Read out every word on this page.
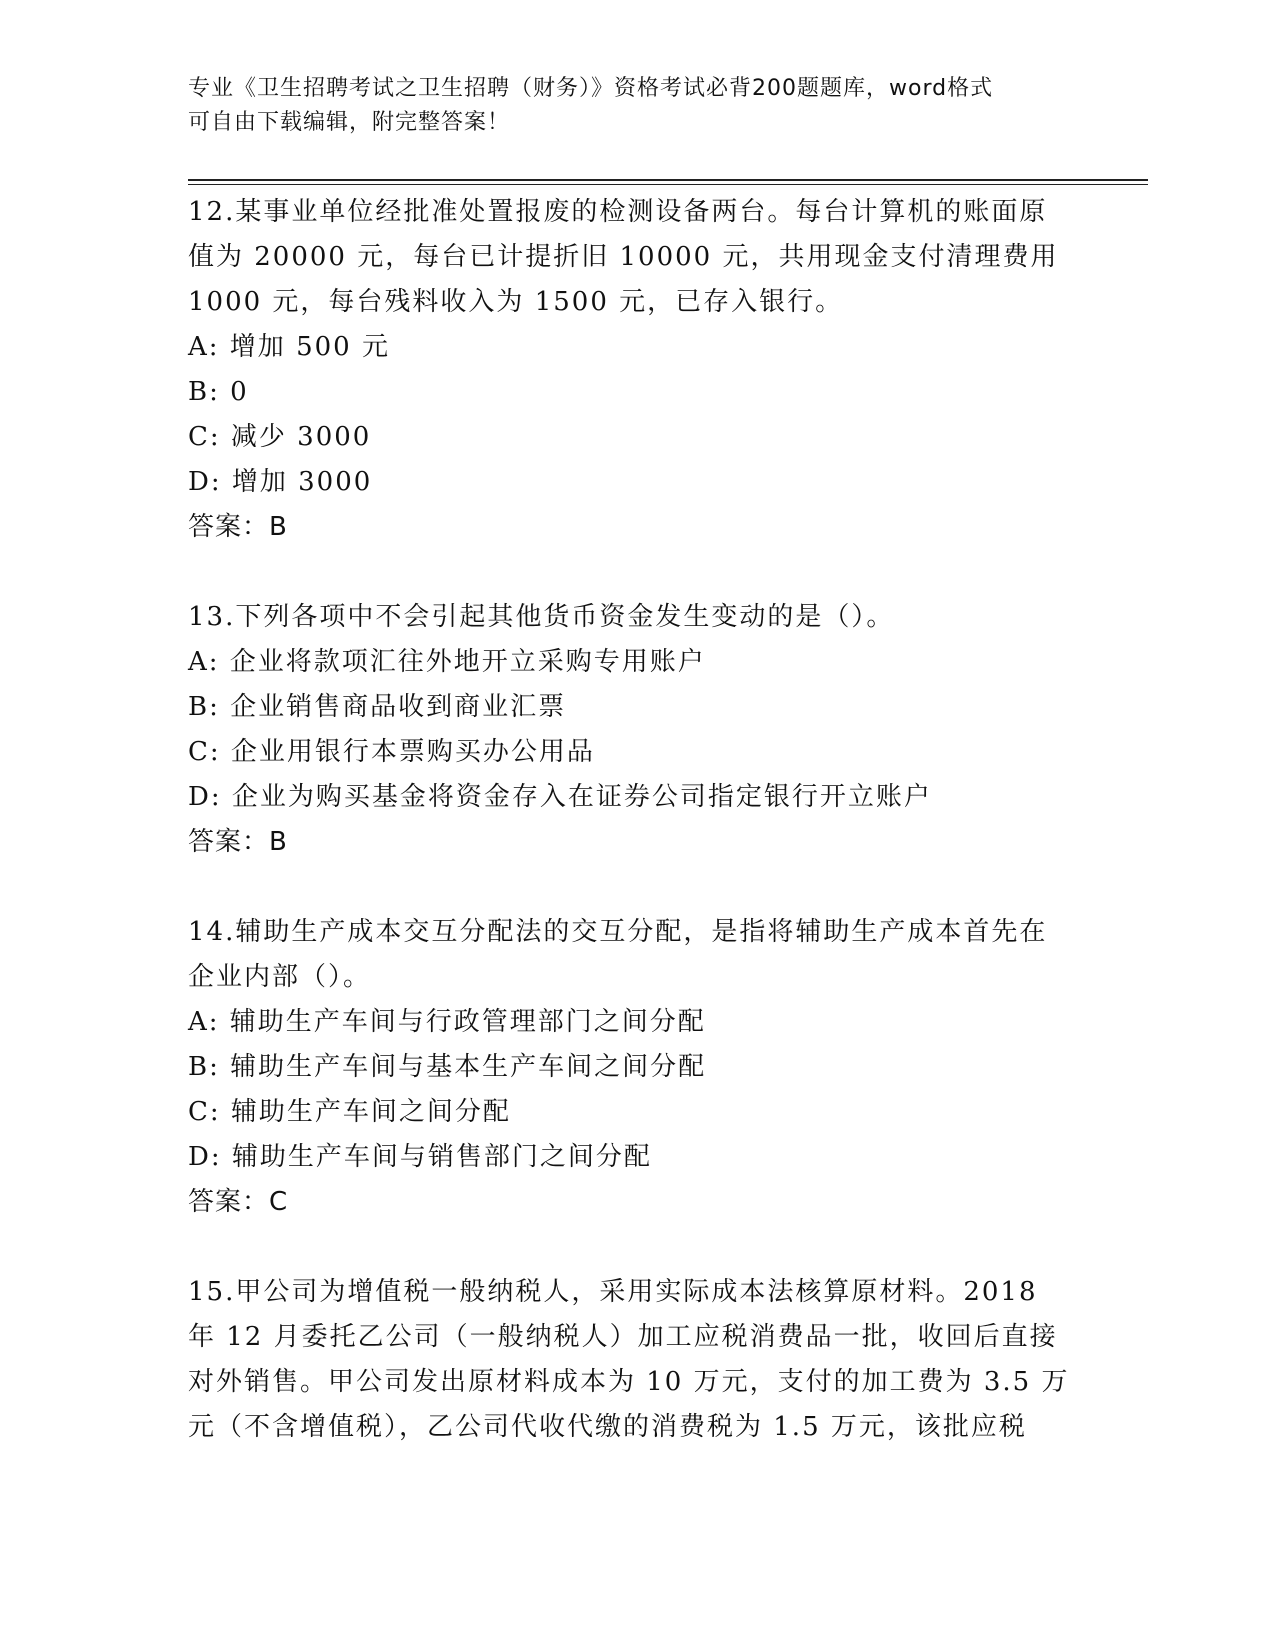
专业《卫生招聘考试之卫生招聘（财务）》资格考试必背200题题库，word格式
可自由下载编辑，附完整答案！
12.某事业单位经批准处置报废的检测设备两台。每台计算机的账面原
值为 20000 元，每台已计提折旧 10000 元，共用现金支付清理费用
1000 元，每台残料收入为 1500 元，已存入银行。
A: 增加 500 元
B: 0
C: 减少 3000
D: 增加 3000
答案：B
13.下列各项中不会引起其他货币资金发生变动的是（）。
A: 企业将款项汇往外地开立采购专用账户
B: 企业销售商品收到商业汇票
C: 企业用银行本票购买办公用品
D: 企业为购买基金将资金存入在证券公司指定银行开立账户
答案：B
14.辅助生产成本交互分配法的交互分配，是指将辅助生产成本首先在
企业内部（）。
A: 辅助生产车间与行政管理部门之间分配
B: 辅助生产车间与基本生产车间之间分配
C: 辅助生产车间之间分配
D: 辅助生产车间与销售部门之间分配
答案：C
15.甲公司为增值税一般纳税人，采用实际成本法核算原材料。2018
年 12 月委托乙公司（一般纳税人）加工应税消费品一批，收回后直接
对外销售。甲公司发出原材料成本为 10 万元，支付的加工费为 3.5 万
元（不含增值税），乙公司代收代缴的消费税为 1.5 万元，该批应税
